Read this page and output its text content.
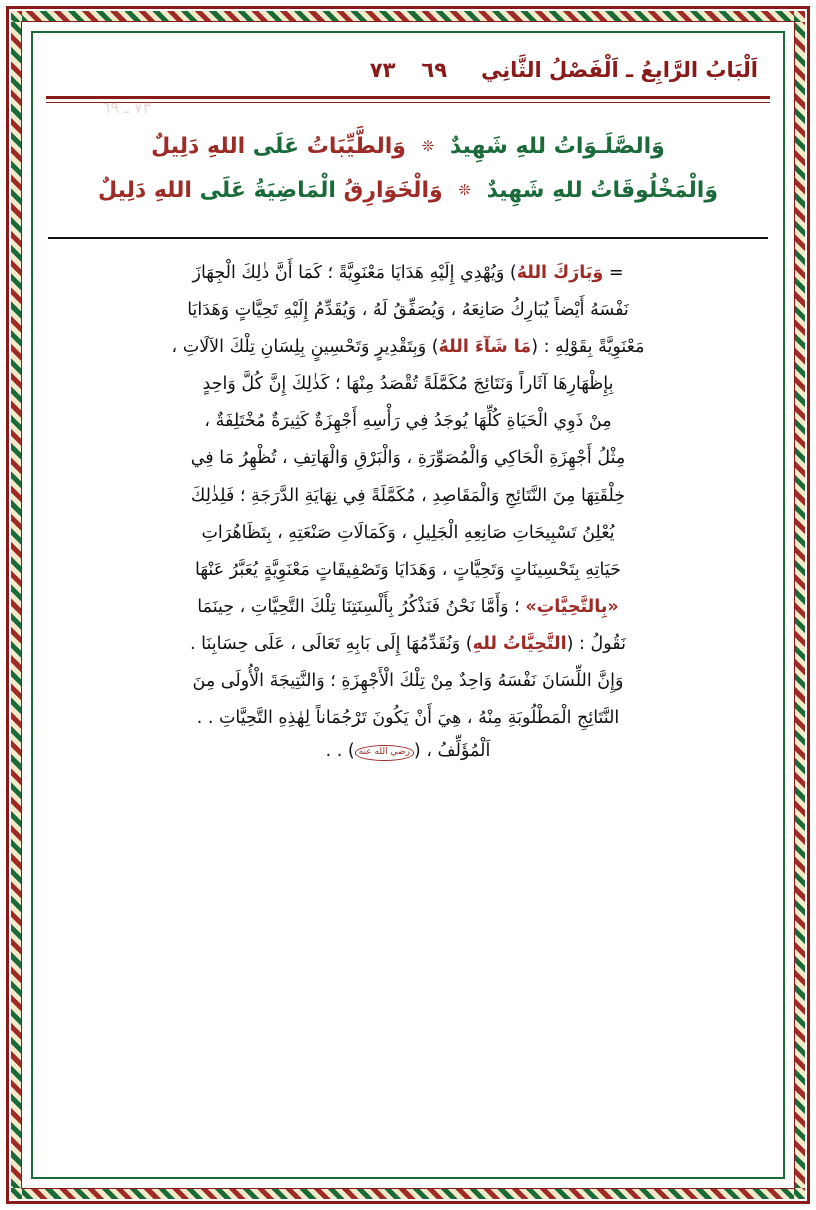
اَلْبَابُ الرَّابِعُ ـ اَلْفَصْلُ الثَّانِي
٦٩
٧٣
٧٣ ـ ٦٩
وَالصَّلَـوَاتُ للهِ شَهِيدٌ ❊ وَالطَّيِّبَاتُ عَلَى اللهِ دَلِيلٌ
وَالْمَخْلُوقَاتُ للهِ شَهِيدٌ ❊ وَالْخَوَارِقُ الْمَاضِيَةُ عَلَى اللهِ دَلِيلٌ
= وَبَارَكَ اللهُ) وَيُهْدِي إِلَيْهِ هَدَايَا مَعْنَوِيَّةً ؛ كَمَا أَنَّ ذٰلِكَ الْجِهَازَ
نَفْسَهُ أَيْضاً يُبَارِكُ صَانِعَهُ ، وَيُصَفِّقُ لَهُ ، وَيُقَدِّمُ إِلَيْهِ تَحِيَّاتٍ وَهَدَايَا
مَعْنَوِيَّةً بِقَوْلِهِ : (مَا شَآءَ اللهُ) وَبِتَقْدِيرٍ وَتَحْسِينٍ بِلِسَانِ تِلْكَ الآلَاتِ ،
بِإِظْهَارِهَا آثَاراً وَنَتَائِجَ مُكَمَّلَةً تُقْصَدُ مِنْهَا ؛ كَذٰلِكَ إِنَّ كُلَّ وَاحِدٍ
مِنْ ذَوِي الْحَيَاةِ كُلِّهَا يُوجَدُ فِي رَأْسِهِ أَجْهِزَةٌ كَثِيرَةٌ مُخْتَلِفَةٌ ،
مِثْلُ أَجْهِزَةِ الْحَاكِي وَالْمُصَوِّرَةِ ، وَالْبَرْقِ وَالْهَاتِفِ ، تُظْهِرُ مَا فِي
خِلْقَتِهَا مِنَ النَّتَائِجِ وَالْمَقَاصِدِ ، مُكَمَّلَةً فِي نِهَايَةِ الدَّرَجَةِ ؛ فَلِذٰلِكَ
يُعْلِنُ تَسْبِيحَاتِ صَانِعِهِ الْجَلِيلِ ، وَكَمَالَاتِ صَنْعَتِهِ ، بِتَظَاهُرَاتِ
حَيَاتِهِ بِتَحْسِينَاتٍ وَتَحِيَّاتٍ ، وَهَدَايَا وَتَصْفِيقَاتٍ مَعْنَوِيَّةٍ يُعَبَّرُ عَنْهَا
«بِالتَّحِيَّاتِ» ؛ وَأَمَّا نَحْنُ فَنَذْكُرُ بِأَلْسِنَتِنَا تِلْكَ التَّحِيَّاتِ ، حِينَمَا
نَقُولُ : (التَّحِيَّاتُ للهِ) وَنُقَدِّمُهَا إِلَى بَابِهِ تَعَالَى ، عَلَى حِسَابِنَا .
وَإِنَّ اللِّسَانَ نَفْسَهُ وَاحِدٌ مِنْ تِلْكَ الْأَجْهِزَةِ ؛ وَالنَّتِيجَةَ الْأُولَى مِنَ
النَّتَائِجِ الْمَطْلُوبَةِ مِنْهُ ، هِيَ أَنْ يَكُونَ تَرْجُمَاناً لِهٰذِهِ التَّحِيَّاتِ . .
اَلْمُؤَلِّفُ ، (رضي الله عنه) . .
